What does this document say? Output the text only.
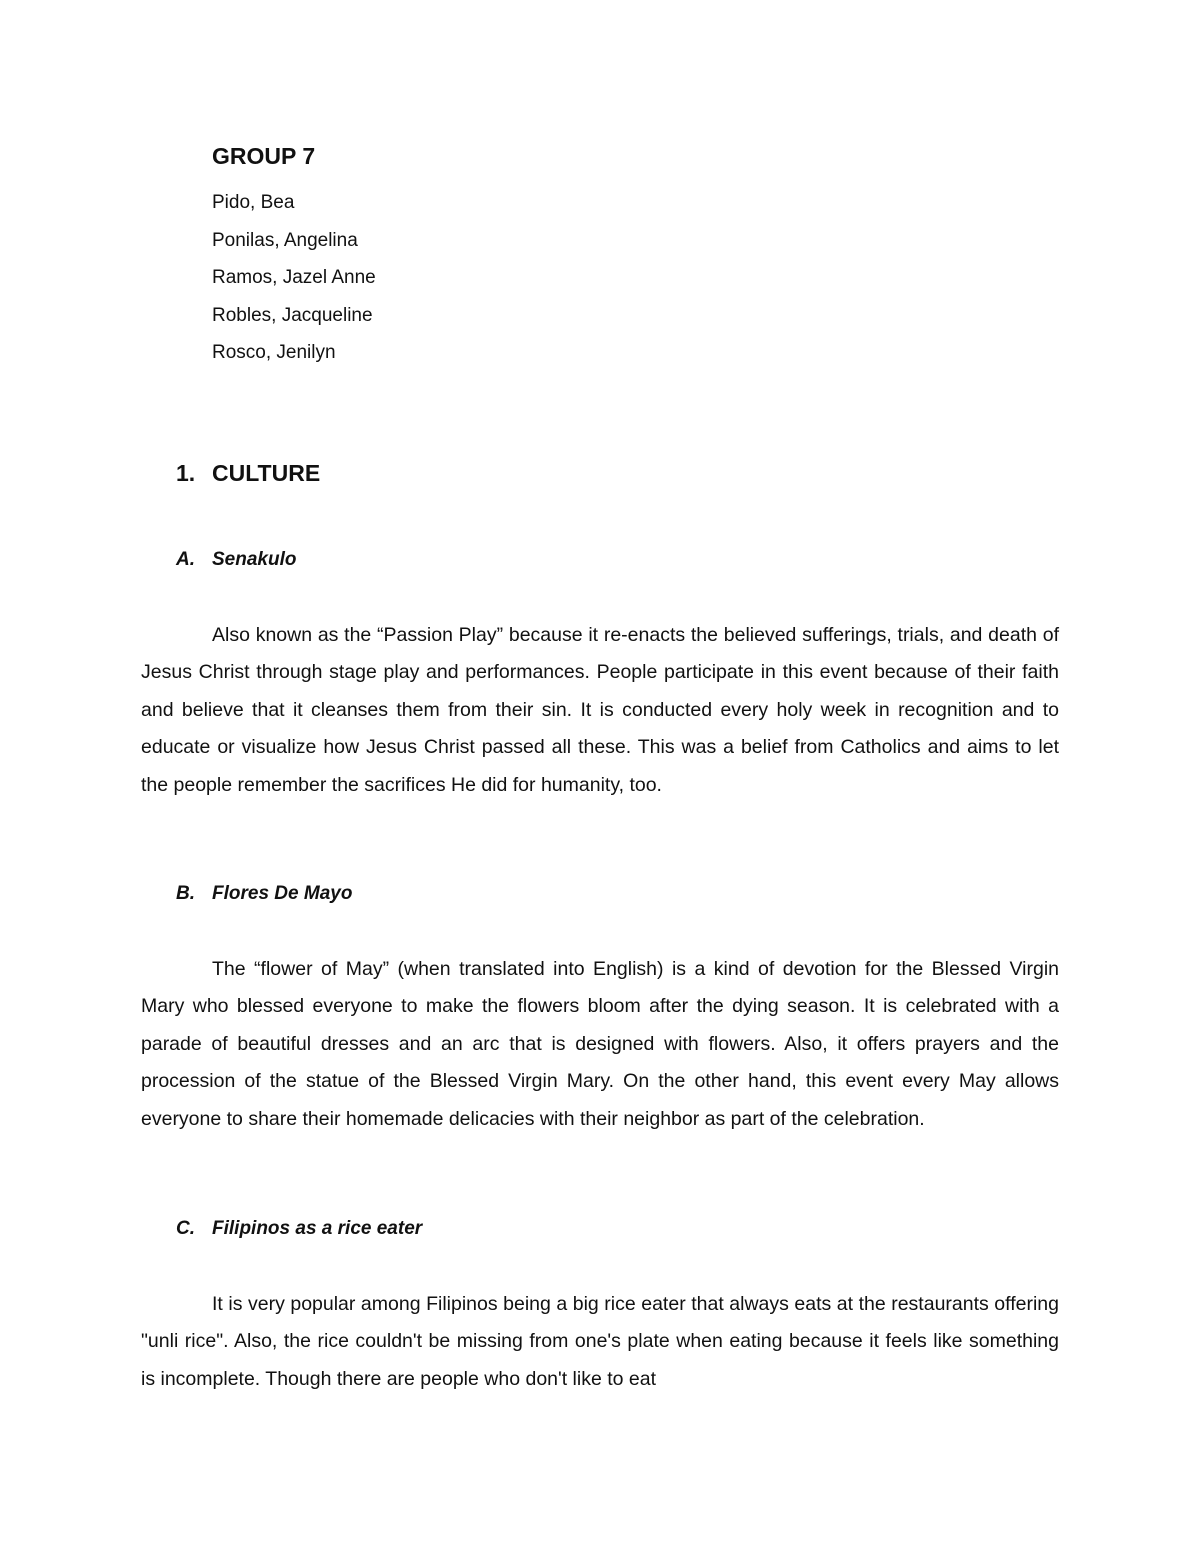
GROUP 7
Pido, Bea
Ponilas, Angelina
Ramos, Jazel Anne
Robles, Jacqueline
Rosco, Jenilyn
1. CULTURE
A. Senakulo

Also known as the “Passion Play” because it re-enacts the believed sufferings, trials, and death of Jesus Christ through stage play and performances. People participate in this event because of their faith and believe that it cleanses them from their sin. It is conducted every holy week in recognition and to educate or visualize how Jesus Christ passed all these. This was a belief from Catholics and aims to let the people remember the sacrifices He did for humanity, too.

B. Flores De Mayo

The “flower of May” (when translated into English) is a kind of devotion for the Blessed Virgin Mary who blessed everyone to make the flowers bloom after the dying season. It is celebrated with a parade of beautiful dresses and an arc that is designed with flowers. Also, it offers prayers and the procession of the statue of the Blessed Virgin Mary. On the other hand, this event every May allows everyone to share their homemade delicacies with their neighbor as part of the celebration.

C. Filipinos as a rice eater

It is very popular among Filipinos being a big rice eater that always eats at the restaurants offering "unli rice". Also, the rice couldn't be missing from one's plate when eating because it feels like something is incomplete. Though there are people who don't like to eat
